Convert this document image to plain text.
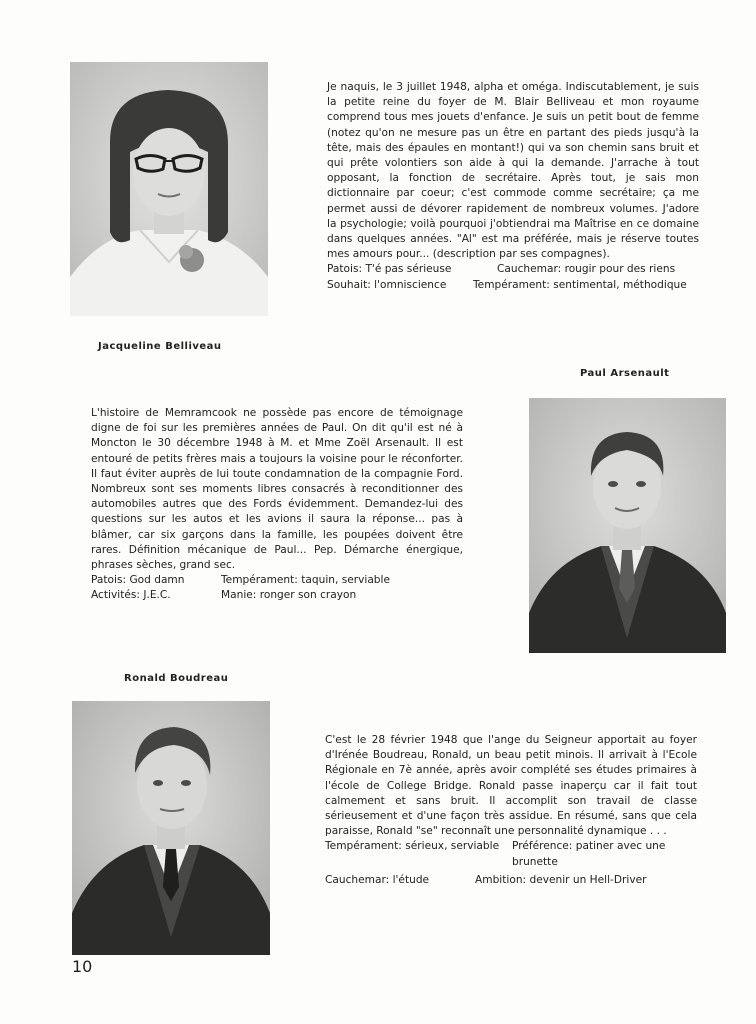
Je naquis, le 3 juillet 1948, alpha et oméga. Indiscutablement, je suis la petite reine du foyer de M. Blair Belliveau et mon royaume comprend tous mes jouets d'enfance. Je suis un petit bout de femme (notez qu'on ne mesure pas un être en partant des pieds jusqu'à la tête, mais des épaules en montant!) qui va son chemin sans bruit et qui prête volontiers son aide à qui la demande. J'arrache à tout opposant, la fonction de secrétaire. Après tout, je sais mon dictionnaire par coeur; c'est commode comme secrétaire; ça me permet aussi de dévorer rapidement de nombreux volumes. J'adore la psychologie; voilà pourquoi j'obtiendrai ma Maîtrise en ce domaine dans quelques années. "Al" est ma préférée, mais je réserve toutes mes amours pour... (description par ses compagnes).

Patois: T'é pas sérieuse	Cauchemar: rougir pour des riens
Souhait: l'omniscience	Tempérament: sentimental, méthodique
Jacqueline Belliveau
Paul Arsenault

L'histoire de Memramcook ne possède pas encore de témoignage digne de foi sur les premières années de Paul. On dit qu'il est né à Moncton le 30 décembre 1948 à M. et Mme Zoël Arsenault. Il est entouré de petits frères mais a toujours la voisine pour le réconforter. Il faut éviter auprès de lui toute condamnation de la compagnie Ford. Nombreux sont ses moments libres consacrés à reconditionner des automobiles autres que des Fords évidemment. Demandez-lui des questions sur les autos et les avions il saura la réponse... pas à blâmer, car six garçons dans la famille, les poupées doivent être rares. Définition mécanique de Paul... Pep. Démarche énergique, phrases sèches, grand sec.

Patois: God damn	Tempérament: taquin, serviable
Activités: J.E.C.	Manie: ronger son crayon
Ronald Boudreau

C'est le 28 février 1948 que l'ange du Seigneur apportait au foyer d'Irénée Boudreau, Ronald, un beau petit minois. Il arrivait à l'Ecole Régionale en 7è année, après avoir complété ses études primaires à l'école de College Bridge. Ronald passe inaperçu car il fait tout calmement et sans bruit. Il accomplit son travail de classe sérieusement et d'une façon très assidue. En résumé, sans que cela paraisse, Ronald "se" reconnaît une personnalité dynamique . . .

Tempérament: sérieux, serviable	Préférence: patiner avec une brunette
Cauchemar: l'étude	Ambition: devenir un Hell-Driver
10
